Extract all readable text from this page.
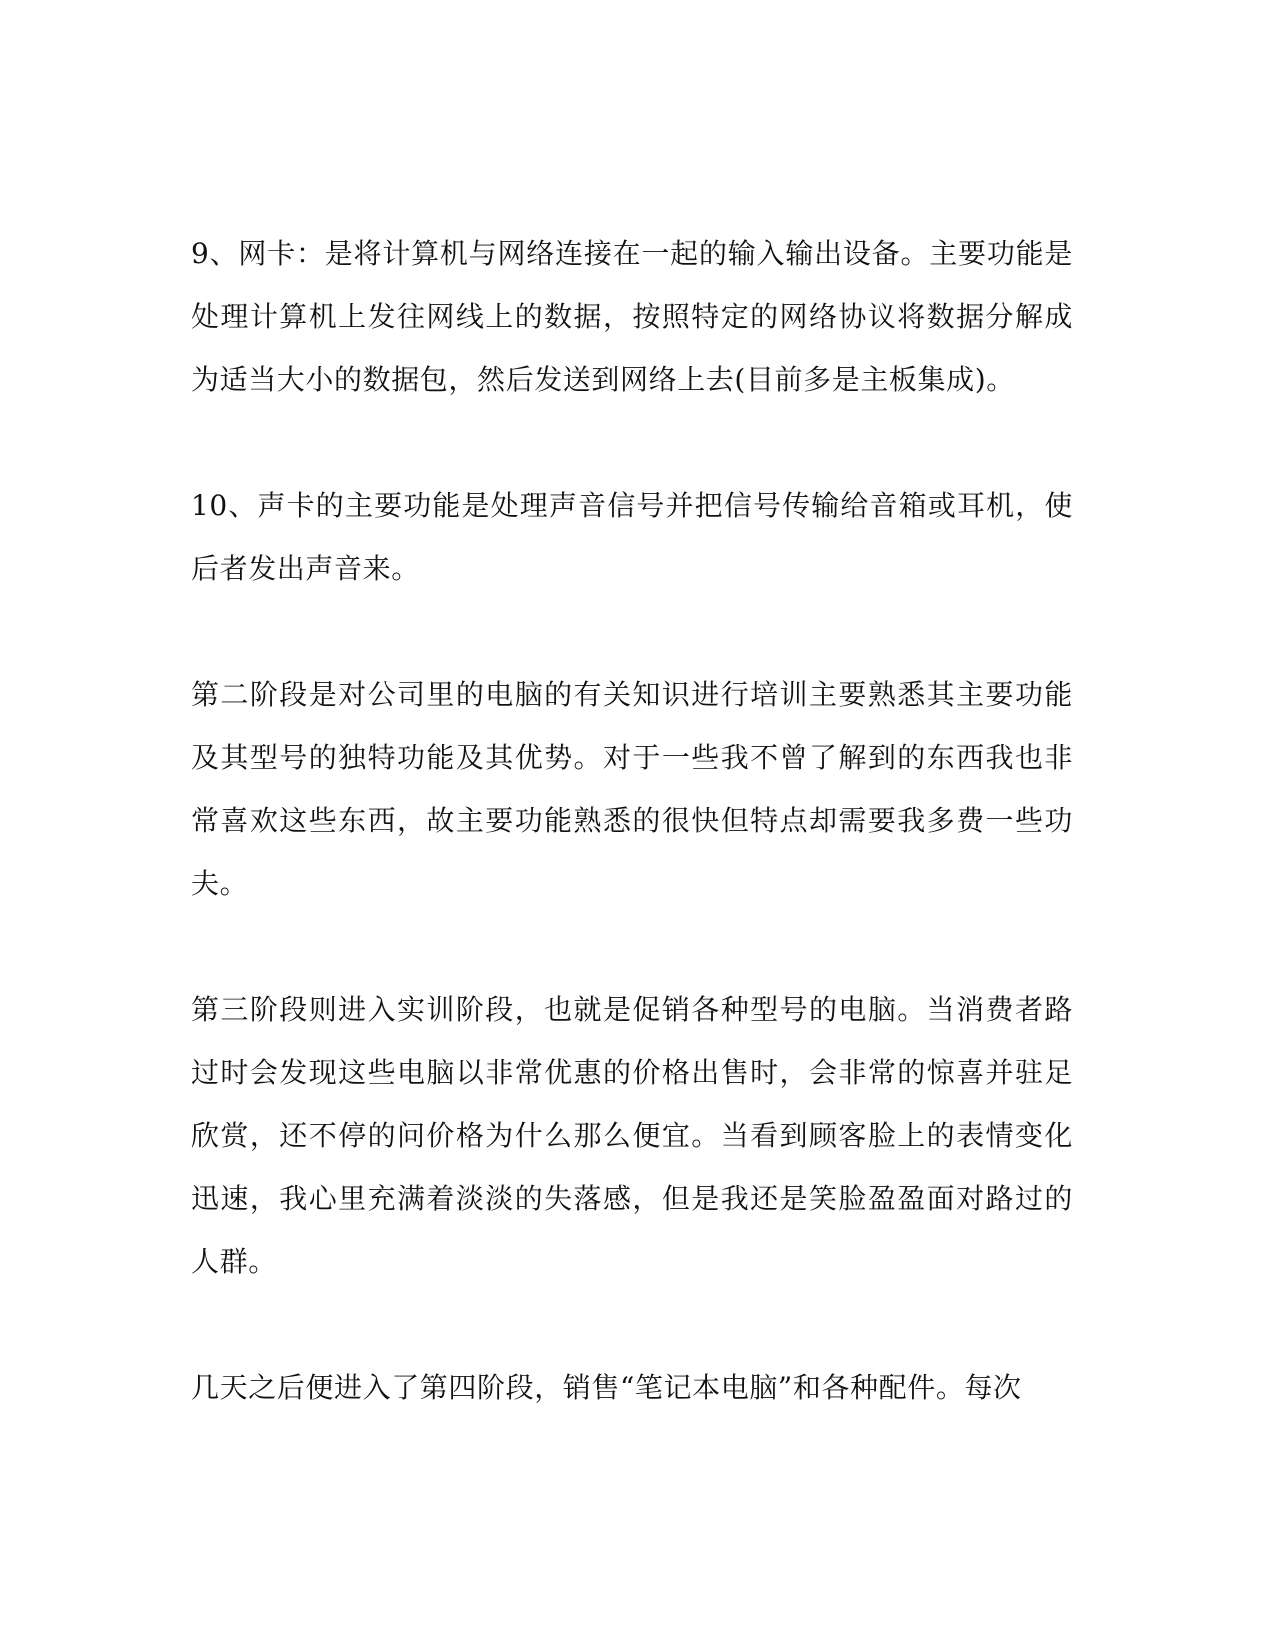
9、网卡：是将计算机与网络连接在一起的输入输出设备。主要功能是处理计算机上发往网线上的数据，按照特定的网络协议将数据分解成为适当大小的数据包，然后发送到网络上去(目前多是主板集成)。

10、声卡的主要功能是处理声音信号并把信号传输给音箱或耳机，使后者发出声音来。

第二阶段是对公司里的电脑的有关知识进行培训主要熟悉其主要功能及其型号的独特功能及其优势。对于一些我不曾了解到的东西我也非常喜欢这些东西，故主要功能熟悉的很快但特点却需要我多费一些功夫。

第三阶段则进入实训阶段，也就是促销各种型号的电脑。当消费者路过时会发现这些电脑以非常优惠的价格出售时，会非常的惊喜并驻足欣赏，还不停的问价格为什么那么便宜。当看到顾客脸上的表情变化迅速，我心里充满着淡淡的失落感，但是我还是笑脸盈盈面对路过的人群。

几天之后便进入了第四阶段，销售“笔记本电脑”和各种配件。每次
